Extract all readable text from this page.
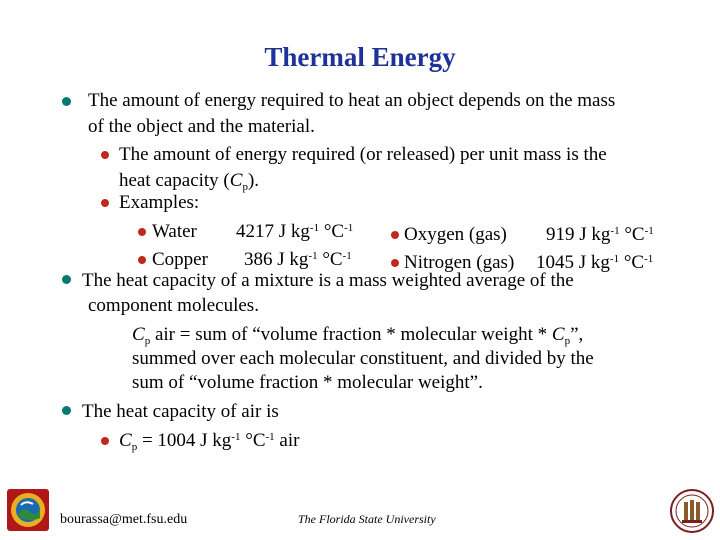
Thermal Energy
The amount of energy required to heat an object depends on the mass
of the object and the material.
The amount of energy required (or released) per unit mass is the
heat capacity $(C_p)$.
Examples:
Water 4217 J $kg^{-1}$ $^\circ C^{-1}$	Oxygen (gas) 919 J $kg^{-1}$ $^\circ C^{-1}$
Copper 386 J $kg^{-1}$ $^\circ C^{-1}$	Nitrogen (gas) 1045 J $kg^{-1}$ $^\circ C^{-1}$
The heat capacity of a mixture is a mass weighted average of the
component molecules.
$C_p$ air = sum of “volume fraction * molecular weight * $C_p$”,
summed over each molecular constituent, and divided by the
sum of “volume fraction * molecular weight”.
The heat capacity of air is
$C_p = 1004$ J $kg^{-1}$ $^\circ C^{-1}$ air
bourassa@met.fsu.edu	The Florida State University
